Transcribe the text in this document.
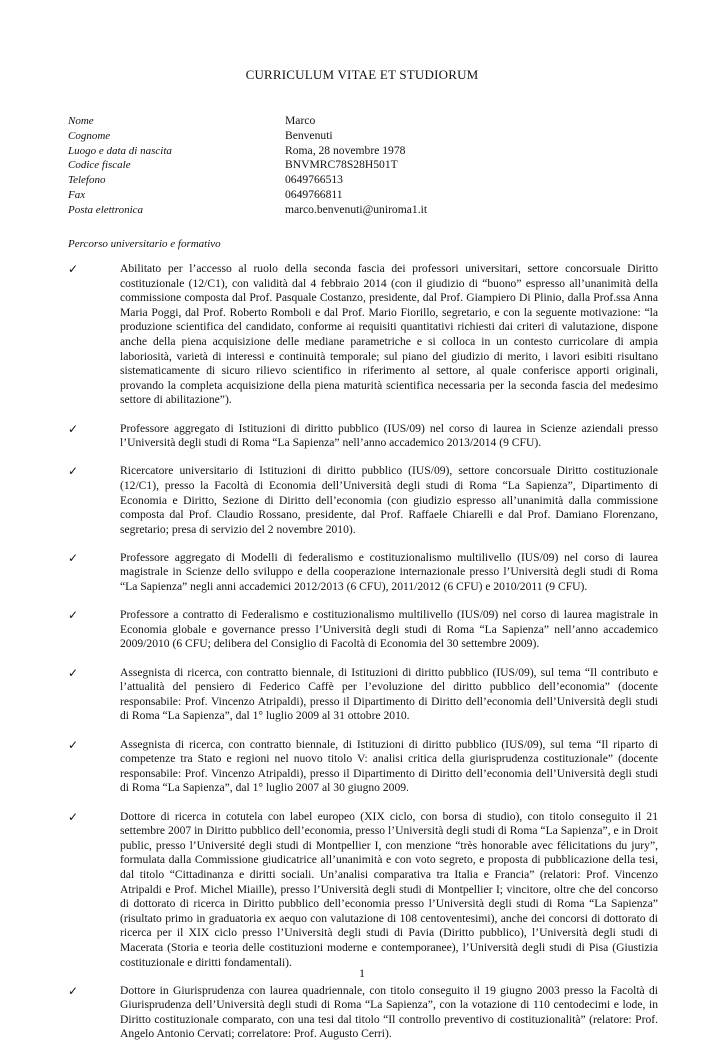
CURRICULUM VITAE ET STUDIORUM
Nome	Marco
Cognome	Benvenuti
Luogo e data di nascita	Roma, 28 novembre 1978
Codice fiscale	BNVMRC78S28H501T
Telefono	0649766513
Fax	0649766811
Posta elettronica	marco.benvenuti@uniroma1.it
Percorso universitario e formativo
✓	Abilitato per l’accesso al ruolo della seconda fascia dei professori universitari, settore concorsuale Diritto costituzionale (12/C1), con validità dal 4 febbraio 2014 (con il giudizio di “buono” espresso all’unanimità della commissione composta dal Prof. Pasquale Costanzo, presidente, dal Prof. Giampiero Di Plinio, dalla Prof.ssa Anna Maria Poggi, dal Prof. Roberto Romboli e dal Prof. Mario Fiorillo, segretario, e con la seguente motivazione: “la produzione scientifica del candidato, conforme ai requisiti quantitativi richiesti dai criteri di valutazione, dispone anche della piena acquisizione delle mediane parametriche e si colloca in un contesto curricolare di ampia laboriosità, varietà di interessi e continuità temporale; sul piano del giudizio di merito, i lavori esibiti risultano sistematicamente di sicuro rilievo scientifico in riferimento al settore, al quale conferisce apporti originali, provando la completa acquisizione della piena maturità scientifica necessaria per la seconda fascia del medesimo settore di abilitazione”).
✓	Professore aggregato di Istituzioni di diritto pubblico (IUS/09) nel corso di laurea in Scienze aziendali presso l’Università degli studi di Roma “La Sapienza” nell’anno accademico 2013/2014 (9 CFU).
✓	Ricercatore universitario di Istituzioni di diritto pubblico (IUS/09), settore concorsuale Diritto costituzionale (12/C1), presso la Facoltà di Economia dell’Università degli studi di Roma “La Sapienza”, Dipartimento di Economia e Diritto, Sezione di Diritto dell’economia (con giudizio espresso all’unanimità dalla commissione composta dal Prof. Claudio Rossano, presidente, dal Prof. Raffaele Chiarelli e dal Prof. Damiano Florenzano, segretario; presa di servizio del 2 novembre 2010).
✓	Professore aggregato di Modelli di federalismo e costituzionalismo multilivello (IUS/09) nel corso di laurea magistrale in Scienze dello sviluppo e della cooperazione internazionale presso l’Università degli studi di Roma “La Sapienza” negli anni accademici 2012/2013 (6 CFU), 2011/2012 (6 CFU) e 2010/2011 (9 CFU).
✓	Professore a contratto di Federalismo e costituzionalismo multilivello (IUS/09) nel corso di laurea magistrale in Economia globale e governance presso l’Università degli studi di Roma “La Sapienza” nell’anno accademico 2009/2010 (6 CFU; delibera del Consiglio di Facoltà di Economia del 30 settembre 2009).
✓	Assegnista di ricerca, con contratto biennale, di Istituzioni di diritto pubblico (IUS/09), sul tema “Il contributo e l’attualità del pensiero di Federico Caffè per l’evoluzione del diritto pubblico dell’economia” (docente responsabile: Prof. Vincenzo Atripaldi), presso il Dipartimento di Diritto dell’economia dell’Università degli studi di Roma “La Sapienza”, dal 1° luglio 2009 al 31 ottobre 2010.
✓	Assegnista di ricerca, con contratto biennale, di Istituzioni di diritto pubblico (IUS/09), sul tema “Il riparto di competenze tra Stato e regioni nel nuovo titolo V: analisi critica della giurisprudenza costituzionale” (docente responsabile: Prof. Vincenzo Atripaldi), presso il Dipartimento di Diritto dell’economia dell’Università degli studi di Roma “La Sapienza”, dal 1° luglio 2007 al 30 giugno 2009.
✓	Dottore di ricerca in cotutela con label europeo (XIX ciclo, con borsa di studio), con titolo conseguito il 21 settembre 2007 in Diritto pubblico dell’economia, presso l’Università degli studi di Roma “La Sapienza”, e in Droit public, presso l’Université degli studi di Montpellier I, con menzione “très honorable avec félicitations du jury”, formulata dalla Commissione giudicatrice all’unanimità e con voto segreto, e proposta di pubblicazione della tesi, dal titolo “Cittadinanza e diritti sociali. Un’analisi comparativa tra Italia e Francia” (relatori: Prof. Vincenzo Atripaldi e Prof. Michel Miaille), presso l’Università degli studi di Montpellier I; vincitore, oltre che del concorso di dottorato di ricerca in Diritto pubblico dell’economia presso l’Università degli studi di Roma “La Sapienza” (risultato primo in graduatoria ex aequo con valutazione di 108 centoventesimi), anche dei concorsi di dottorato di ricerca per il XIX ciclo presso l’Università degli studi di Pavia (Diritto pubblico), l’Università degli studi di Macerata (Storia e teoria delle costituzioni moderne e contemporanee), l’Università degli studi di Pisa (Giustizia costituzionale e diritti fondamentali).
✓	Dottore in Giurisprudenza con laurea quadriennale, con titolo conseguito il 19 giugno 2003 presso la Facoltà di Giurisprudenza dell’Università degli studi di Roma “La Sapienza”, con la votazione di 110 centodecimi e lode, in Diritto costituzionale comparato, con una tesi dal titolo “Il controllo preventivo di costituzionalità” (relatore: Prof. Angelo Antonio Cervati; correlatore: Prof. Augusto Cerri).
1
